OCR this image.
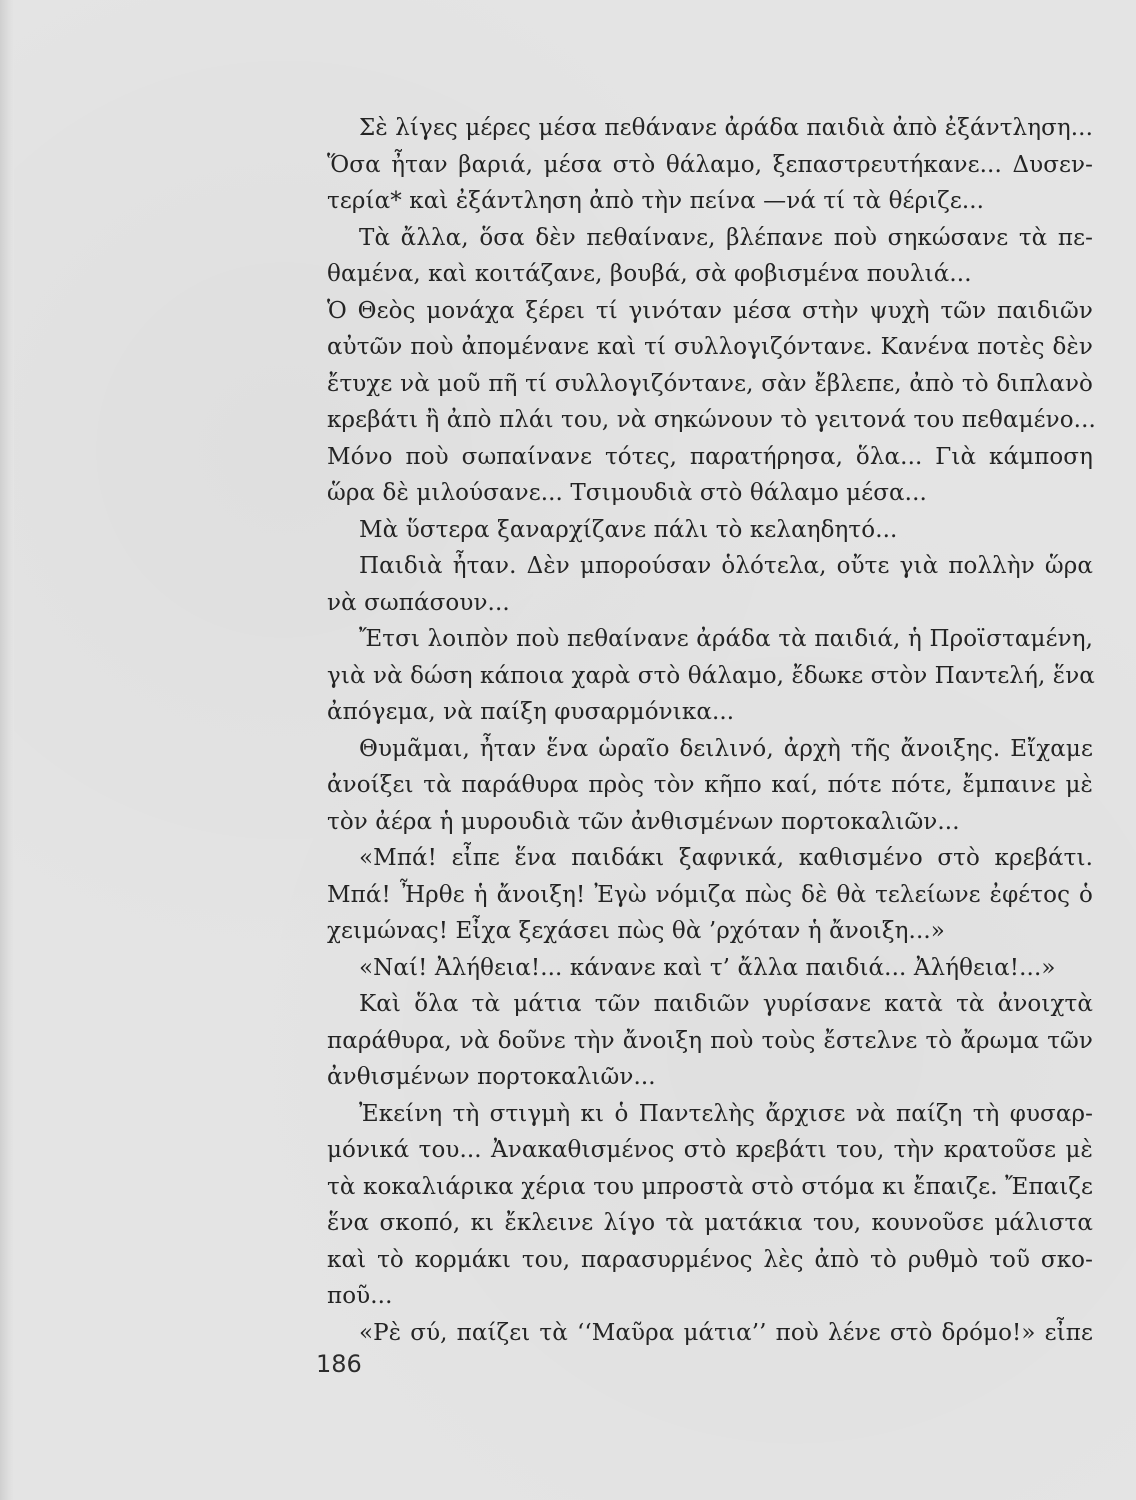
Σὲ λίγες μέρες μέσα πεθάνανε ἀράδα παιδιὰ ἀπὸ ἐξάντληση...
Ὅσα ἦταν βαριά, μέσα στὸ θάλαμο, ξεπαστρευτήκανε... Δυσεν-
τερία* καὶ ἐξάντληση ἀπὸ τὴν πείνα —νά τί τὰ θέριζε...
Τὰ ἄλλα, ὅσα δὲν πεθαίνανε, βλέπανε ποὺ σηκώσανε τὰ πε-
θαμένα, καὶ κοιτάζανε, βουβά, σὰ φοβισμένα πουλιά...
Ὁ Θεὸς μονάχα ξέρει τί γινόταν μέσα στὴν ψυχὴ τῶν παιδιῶν
αὐτῶν ποὺ ἀπομένανε καὶ τί συλλογιζόντανε. Κανένα ποτὲς δὲν
ἔτυχε νὰ μοῦ πῆ τί συλλογιζόντανε, σὰν ἔβλεπε, ἀπὸ τὸ διπλανὸ
κρεβάτι ἢ ἀπὸ πλάι του, νὰ σηκώνουν τὸ γειτονά του πεθαμένο...
Μόνο ποὺ σωπαίνανε τότες, παρατήρησα, ὅλα... Γιὰ κάμποση
ὥρα δὲ μιλούσανε... Τσιμουδιὰ στὸ θάλαμο μέσα...
Μὰ ὕστερα ξαναρχίζανε πάλι τὸ κελαηδητό...
Παιδιὰ ἦταν. Δὲν μπορούσαν ὁλότελα, οὔτε γιὰ πολλὴν ὥρα
νὰ σωπάσουν...
Ἔτσι λοιπὸν ποὺ πεθαίνανε ἀράδα τὰ παιδιά, ἡ Προϊσταμένη,
γιὰ νὰ δώση κάποια χαρὰ στὸ θάλαμο, ἔδωκε στὸν Παντελή, ἕνα
ἀπόγεμα, νὰ παίξη φυσαρμόνικα...
Θυμᾶμαι, ἦταν ἕνα ὡραῖο δειλινό, ἀρχὴ τῆς ἄνοιξης. Εἴχαμε
ἀνοίξει τὰ παράθυρα πρὸς τὸν κῆπο καί, πότε πότε, ἔμπαινε μὲ
τὸν ἀέρα ἡ μυρουδιὰ τῶν ἀνθισμένων πορτοκαλιῶν...
«Μπά! εἶπε ἕνα παιδάκι ξαφνικά, καθισμένο στὸ κρεβάτι.
Μπά! Ἦρθε ἡ ἄνοιξη! Ἐγὼ νόμιζα πὼς δὲ θὰ τελείωνε ἐφέτος ὁ
χειμώνας! Εἶχα ξεχάσει πὼς θὰ ’ρχόταν ἡ ἄνοιξη...»
«Ναί! Ἀλήθεια!... κάνανε καὶ τ’ ἄλλα παιδιά... Ἀλήθεια!...»
Καὶ ὅλα τὰ μάτια τῶν παιδιῶν γυρίσανε κατὰ τὰ ἀνοιχτὰ
παράθυρα, νὰ δοῦνε τὴν ἄνοιξη ποὺ τοὺς ἔστελνε τὸ ἄρωμα τῶν
ἀνθισμένων πορτοκαλιῶν...
Ἐκείνη τὴ στιγμὴ κι ὁ Παντελὴς ἄρχισε νὰ παίζη τὴ φυσαρ-
μόνικά του... Ἀνακαθισμένος στὸ κρεβάτι του, τὴν κρατοῦσε μὲ
τὰ κοκαλιάρικα χέρια του μπροστὰ στὸ στόμα κι ἔπαιζε. Ἔπαιζε
ἕνα σκοπό, κι ἔκλεινε λίγο τὰ ματάκια του, κουνοῦσε μάλιστα
καὶ τὸ κορμάκι του, παρασυρμένος λὲς ἀπὸ τὸ ρυθμὸ τοῦ σκο-
ποῦ...
«Ρὲ σύ, παίζει τὰ ‘‘Μαῦρα μάτια’’ ποὺ λένε στὸ δρόμο!» εἶπε
186
